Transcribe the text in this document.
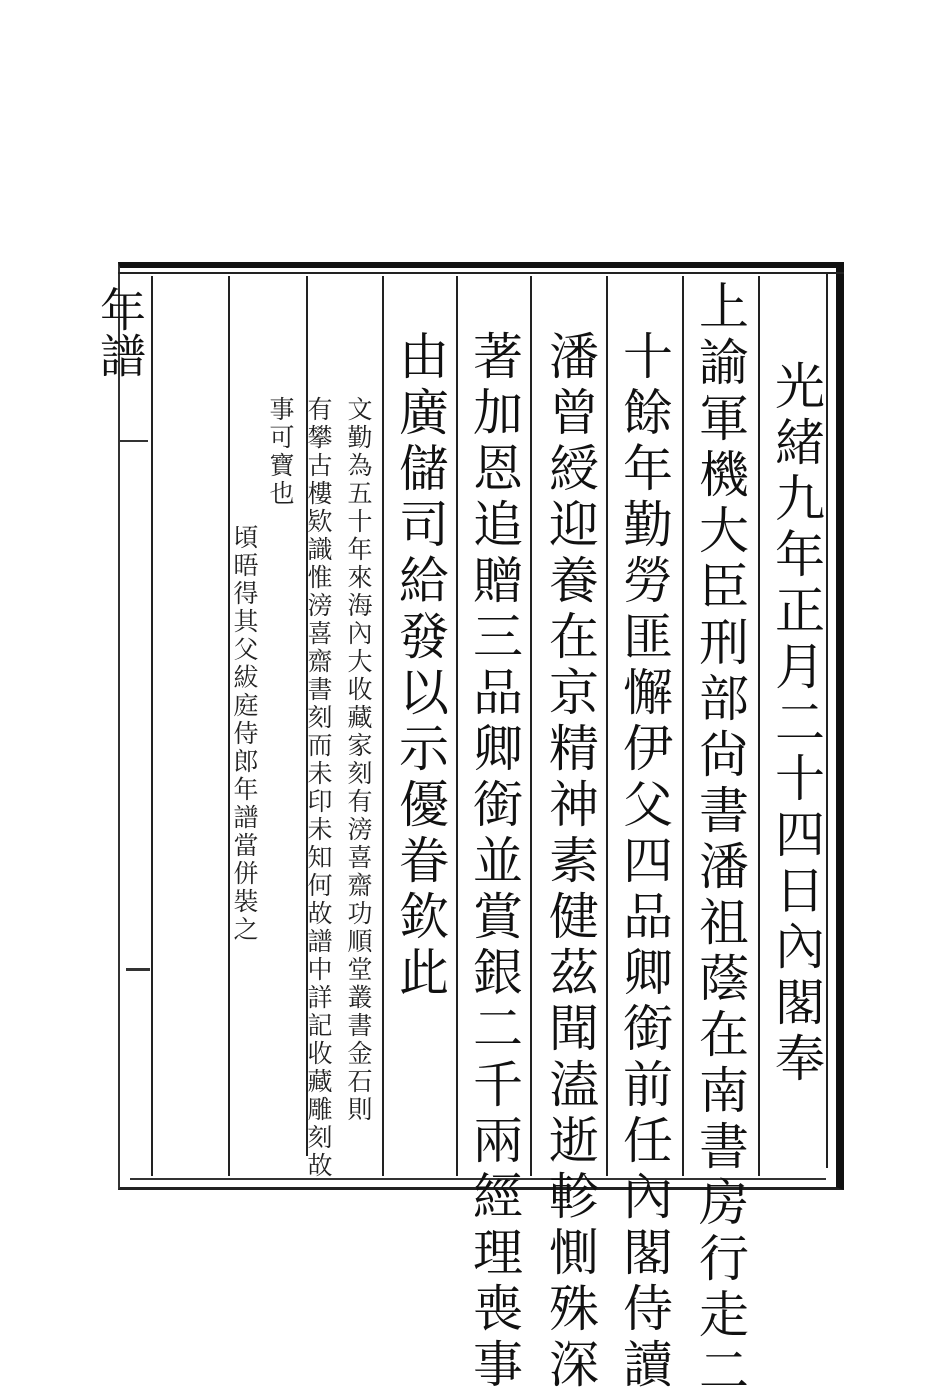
年譜
光緒九年正月二十四日內閣奉
上諭軍機大臣刑部尙書潘祖蔭在南書房行走二
十餘年勤勞匪懈伊父四品卿銜前任內閣侍讀
潘曾綬迎養在京精神素健茲聞溘逝軫惻殊深
著加恩追贈三品卿銜並賞銀二千兩經理喪事
由廣儲司給發以示優眷欽此
文勤為五十年來海內大收藏家刻有滂喜齋功順堂叢書金石則
有攀古樓欵識惟滂喜齋書刻而未印未知何故譜中詳記收藏雕刻故
事可寶也
頃晤得其父紱庭侍郎年譜當併裝之
